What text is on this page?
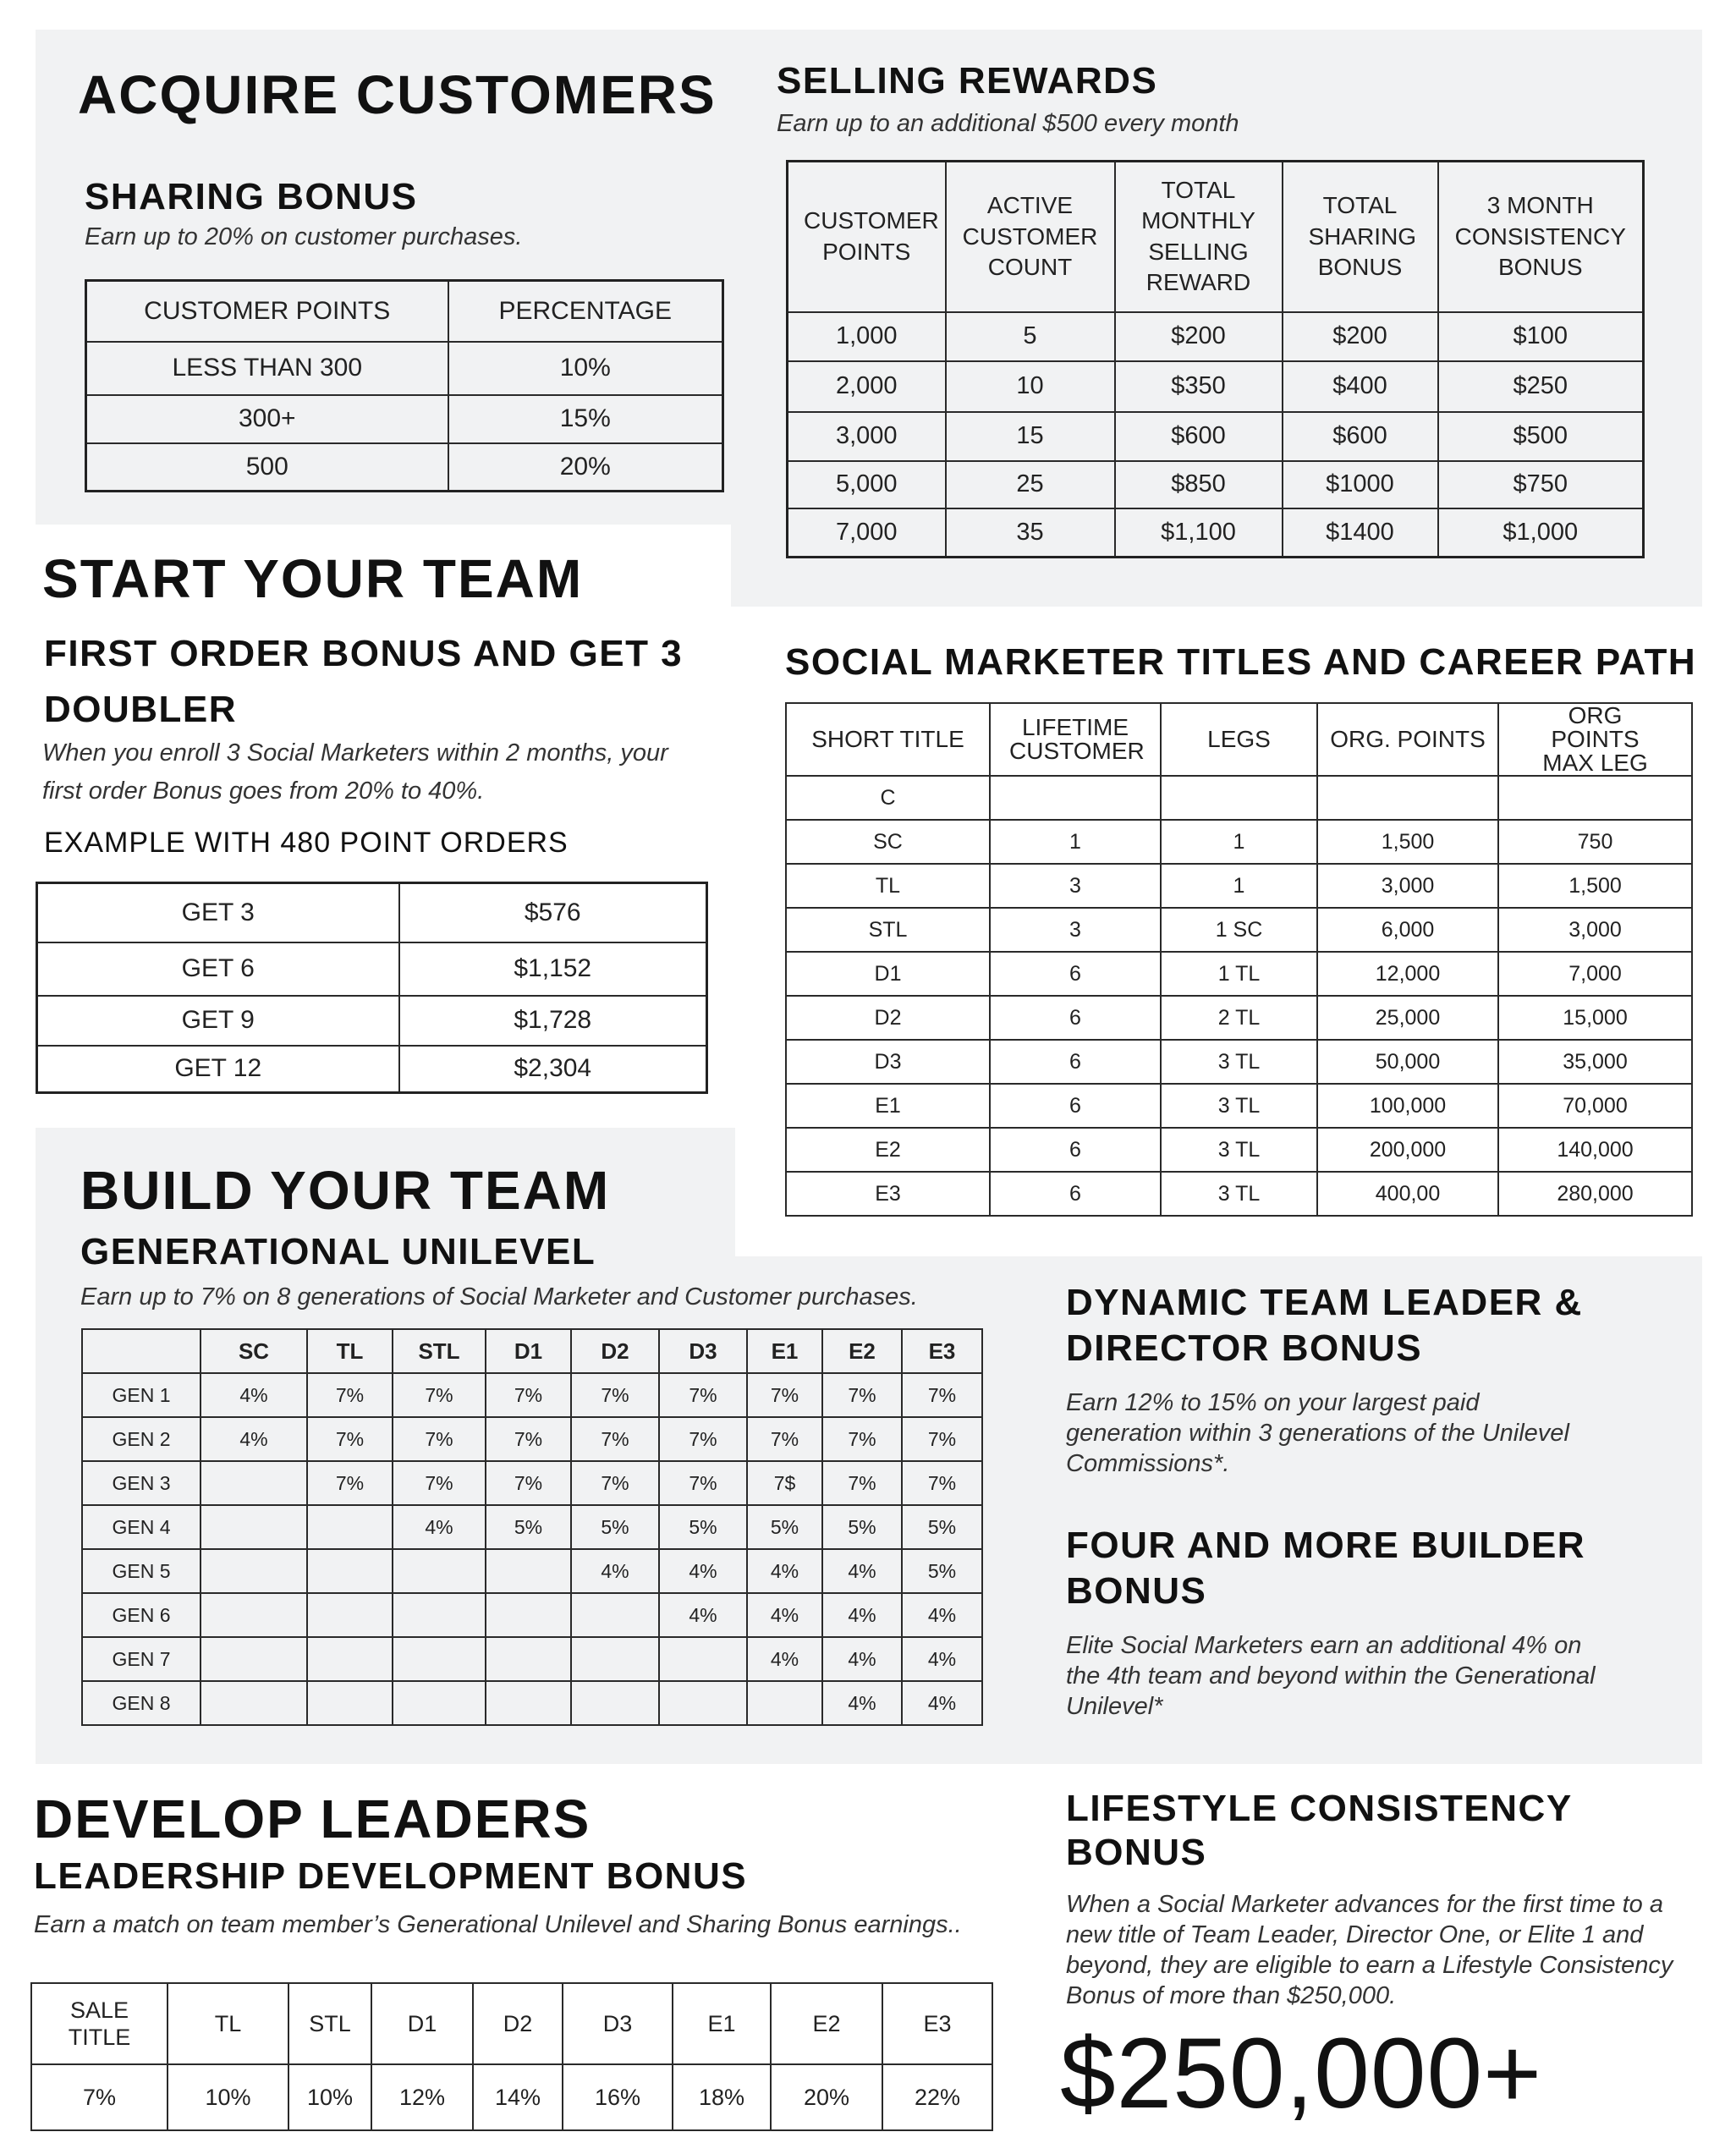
ACQUIRE CUSTOMERS
SHARING BONUS
Earn up to 20% on customer purchases.
CUSTOMER POINTS	PERCENTAGE
LESS THAN 300	10%
300+	15%
500	20%
SELLING REWARDS
Earn up to an additional $500 every month
CUSTOMER POINTS	ACTIVE CUSTOMER COUNT	TOTAL MONTHLY SELLING REWARD	TOTAL SHARING BONUS	3 MONTH CONSISTENCY BONUS
1,000	5	$200	$200	$100
2,000	10	$350	$400	$250
3,000	15	$600	$600	$500
5,000	25	$850	$1000	$750
7,000	35	$1,100	$1400	$1,000
START YOUR TEAM
FIRST ORDER BONUS AND GET 3 DOUBLER
When you enroll 3 Social Marketers within 2 months, your first order Bonus goes from 20% to 40%.
EXAMPLE WITH 480 POINT ORDERS
GET 3	$576
GET 6	$1,152
GET 9	$1,728
GET 12	$2,304
SOCIAL MARKETER TITLES AND CAREER PATH
SHORT TITLE	LIFETIME CUSTOMER	LEGS	ORG. POINTS	ORG POINTS MAX LEG
C				
SC	1	1	1,500	750
TL	3	1	3,000	1,500
STL	3	1 SC	6,000	3,000
D1	6	1 TL	12,000	7,000
D2	6	2 TL	25,000	15,000
D3	6	3 TL	50,000	35,000
E1	6	3 TL	100,000	70,000
E2	6	3 TL	200,000	140,000
E3	6	3 TL	400,00	280,000
BUILD YOUR TEAM
GENERATIONAL UNILEVEL
Earn up to 7% on 8 generations of Social Marketer and Customer purchases.
	SC	TL	STL	D1	D2	D3	E1	E2	E3
GEN 1	4%	7%	7%	7%	7%	7%	7%	7%	7%
GEN 2	4%	7%	7%	7%	7%	7%	7%	7%	7%
GEN 3		7%	7%	7%	7%	7%	7$	7%	7%
GEN 4			4%	5%	5%	5%	5%	5%	5%
GEN 5					4%	4%	4%	4%	5%
GEN 6						4%	4%	4%	4%
GEN 7							4%	4%	4%
GEN 8								4%	4%
DYNAMIC TEAM LEADER & DIRECTOR BONUS
Earn 12% to 15% on your largest paid generation within 3 generations of the Unilevel Commissions*.
FOUR AND MORE BUILDER BONUS
Elite Social Marketers earn an additional 4% on the 4th team and beyond within the Generational Unilevel*
DEVELOP LEADERS
LEADERSHIP DEVELOPMENT BONUS
Earn a match on team member’s Generational Unilevel and Sharing Bonus earnings..
SALE TITLE	TL	STL	D1	D2	D3	E1	E2	E3
7%	10%	10%	12%	14%	16%	18%	20%	22%
LIFESTYLE CONSISTENCY BONUS
When a Social Marketer advances for the first time to a new title of Team Leader, Director One, or Elite 1 and beyond, they are eligible to earn a Lifestyle Consistency Bonus of more than $250,000.
$250,000+
